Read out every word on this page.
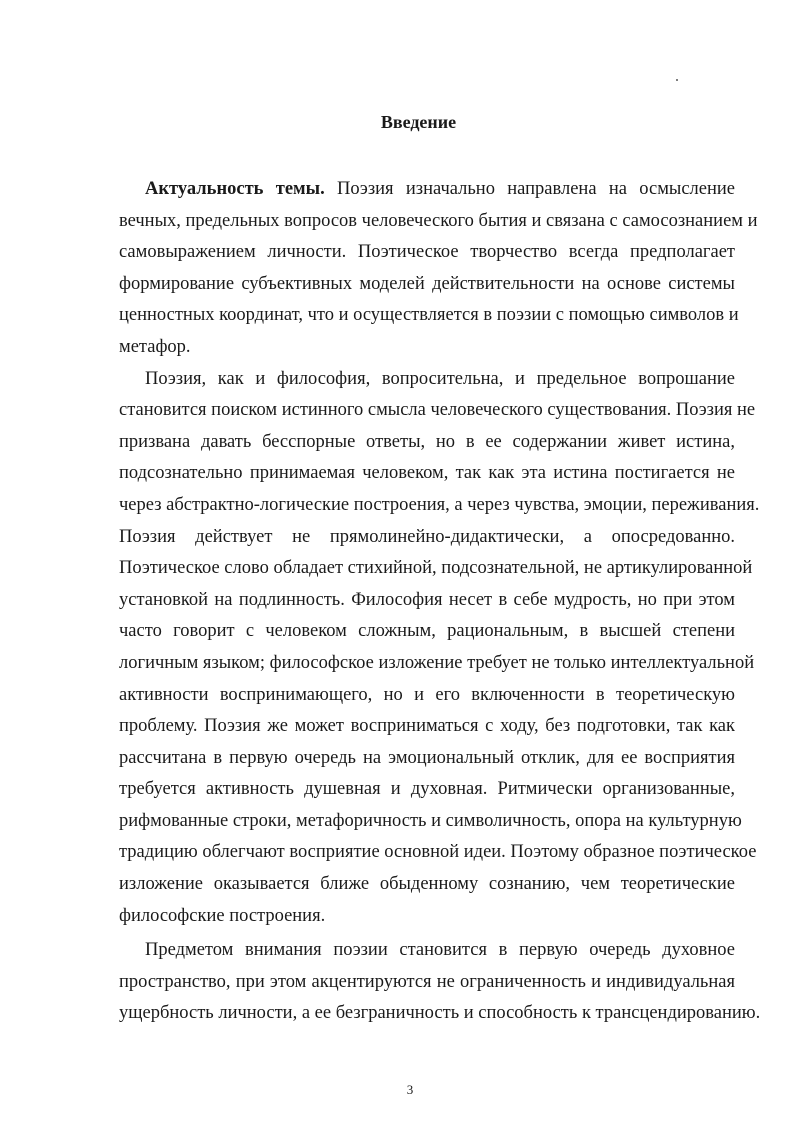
Введение
Актуальность темы. Поэзия изначально направлена на осмысление
вечных, предельных вопросов человеческого бытия и связана с самосознанием и
самовыражением личности. Поэтическое творчество всегда предполагает
формирование субъективных моделей действительности на основе системы
ценностных координат, что и осуществляется в поэзии с помощью символов и
метафор.
Поэзия, как и философия, вопросительна, и предельное вопрошание
становится поиском истинного смысла человеческого существования. Поэзия не
призвана давать бесспорные ответы, но в ее содержании живет истина,
подсознательно принимаемая человеком, так как эта истина постигается не
через абстрактно-логические построения, а через чувства, эмоции, переживания.
Поэзия действует не прямолинейно-дидактически, а опосредованно.
Поэтическое слово обладает стихийной, подсознательной, не артикулированной
установкой на подлинность. Философия несет в себе мудрость, но при этом
часто говорит с человеком сложным, рациональным, в высшей степени
логичным языком; философское изложение требует не только интеллектуальной
активности воспринимающего, но и его включенности в теоретическую
проблему. Поэзия же может восприниматься с ходу, без подготовки, так как
рассчитана в первую очередь на эмоциональный отклик, для ее восприятия
требуется активность душевная и духовная. Ритмически организованные,
рифмованные строки, метафоричность и символичность, опора на культурную
традицию облегчают восприятие основной идеи. Поэтому образное поэтическое
изложение оказывается ближе обыденному сознанию, чем теоретические
философские построения.
Предметом внимания поэзии становится в первую очередь духовное
пространство, при этом акцентируются не ограниченность и индивидуальная
ущербность личности, а ее безграничность и способность к трансцендированию.
3
